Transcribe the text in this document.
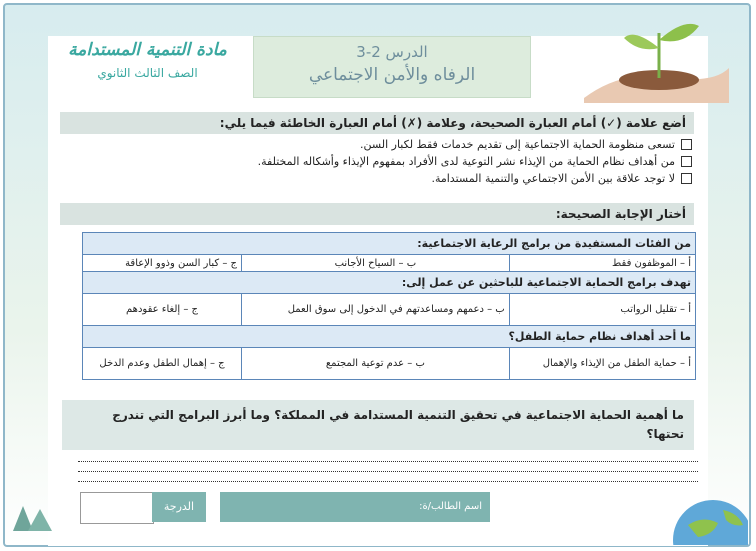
مادة التنمية المستدامة
الصف الثالث الثانوي
الدرس 2-3
الرفاه والأمن الاجتماعي
أضع علامة (✓) أمام العبارة الصحيحة، وعلامة (✗) أمام العبارة الخاطئة فيما يلي:
تسعى منظومة الحماية الاجتماعية إلى تقديم خدمات فقط لكبار السن.
من أهداف نظام الحماية من الإيذاء نشر التوعية لدى الأفراد بمفهوم الإيذاء وأشكاله المختلفة.
لا توجد علاقة بين الأمن الاجتماعي والتنمية المستدامة.
أختار الإجابة الصحيحة:
من الفئات المستفيدة من برامج الرعاية الاجتماعية:		
أ – الموظفون فقط	ب – السياح الأجانب	ج – كبار السن وذوو الإعاقة
تهدف برامج الحماية الاجتماعية للباحثين عن عمل إلى:		
أ – تقليل الرواتب	ب – دعمهم ومساعدتهم في الدخول إلى سوق العمل	ج – إلغاء عقودهم
ما أحد أهداف نظام حماية الطفل؟		
أ – حماية الطفل من الإيذاء والإهمال	ب – عدم توعية المجتمع	ج – إهمال الطفل وعدم الدخل
ما أهمية الحماية الاجتماعية في تحقيق التنمية المستدامة في المملكة؟ وما أبرز البرامج التي تندرج تحتها؟
الدرجة	اسم الطالب/ة:
